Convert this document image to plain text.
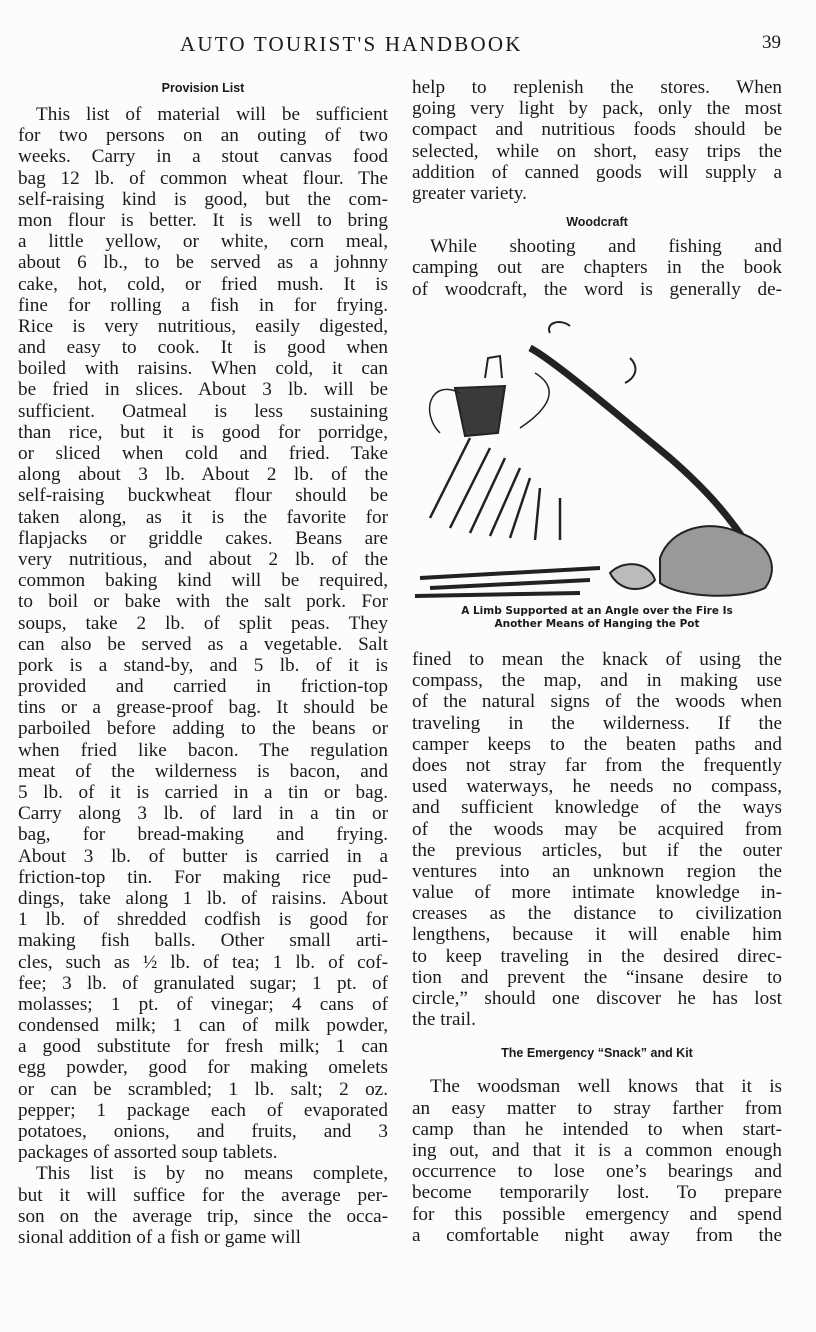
AUTO TOURIST'S HANDBOOK	39
Provision List
This list of material will be sufficient
for two persons on an outing of two
weeks. Carry in a stout canvas food
bag 12 lb. of common wheat flour. The
self-raising kind is good, but the com-
mon flour is better. It is well to bring
a little yellow, or white, corn meal,
about 6 lb., to be served as a johnny
cake, hot, cold, or fried mush. It is
fine for rolling a fish in for frying.
Rice is very nutritious, easily digested,
and easy to cook. It is good when
boiled with raisins. When cold, it can
be fried in slices. About 3 lb. will be
sufficient. Oatmeal is less sustaining
than rice, but it is good for porridge,
or sliced when cold and fried. Take
along about 3 lb. About 2 lb. of the
self-raising buckwheat flour should be
taken along, as it is the favorite for
flapjacks or griddle cakes. Beans are
very nutritious, and about 2 lb. of the
common baking kind will be required,
to boil or bake with the salt pork. For
soups, take 2 lb. of split peas. They
can also be served as a vegetable. Salt
pork is a stand-by, and 5 lb. of it is
provided and carried in friction-top
tins or a grease-proof bag. It should be
parboiled before adding to the beans or
when fried like bacon. The regulation
meat of the wilderness is bacon, and
5 lb. of it is carried in a tin or bag.
Carry along 3 lb. of lard in a tin or
bag, for bread-making and frying.
About 3 lb. of butter is carried in a
friction-top tin. For making rice pud-
dings, take along 1 lb. of raisins. About
1 lb. of shredded codfish is good for
making fish balls. Other small arti-
cles, such as ½ lb. of tea; 1 lb. of cof-
fee; 3 lb. of granulated sugar; 1 pt. of
molasses; 1 pt. of vinegar; 4 cans of
condensed milk; 1 can of milk powder,
a good substitute for fresh milk; 1 can
egg powder, good for making omelets
or can be scrambled; 1 lb. salt; 2 oz.
pepper; 1 package each of evaporated
potatoes, onions, and fruits, and 3
packages of assorted soup tablets.
This list is by no means complete,
but it will suffice for the average per-
son on the average trip, since the occa-
sional addition of a fish or game will
help to replenish the stores. When
going very light by pack, only the most
compact and nutritious foods should be
selected, while on short, easy trips the
addition of canned goods will supply a
greater variety.
Woodcraft
While shooting and fishing and
camping out are chapters in the book
of woodcraft, the word is generally de-
A Limb Supported at an Angle over the Fire Is
Another Means of Hanging the Pot
fined to mean the knack of using the
compass, the map, and in making use
of the natural signs of the woods when
traveling in the wilderness. If the
camper keeps to the beaten paths and
does not stray far from the frequently
used waterways, he needs no compass,
and sufficient knowledge of the ways
of the woods may be acquired from
the previous articles, but if the outer
ventures into an unknown region the
value of more intimate knowledge in-
creases as the distance to civilization
lengthens, because it will enable him
to keep traveling in the desired direc-
tion and prevent the “insane desire to
circle,” should one discover he has lost
the trail.
The Emergency “Snack” and Kit
The woodsman well knows that it is
an easy matter to stray farther from
camp than he intended to when start-
ing out, and that it is a common enough
occurrence to lose one’s bearings and
become temporarily lost. To prepare
for this possible emergency and spend
a comfortable night away from the
